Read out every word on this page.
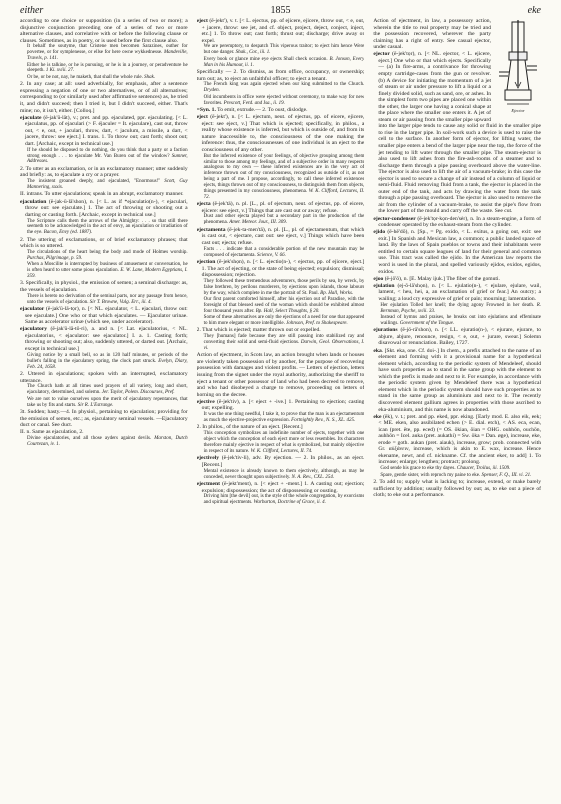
either	1855	eke

according to one choice or supposition (in a series of two or more); a disjunctive conjunction preceding one of a series of two or more alternative clauses, and correlative with or before the following clause or clauses. Sometimes, as in poetry, or is used before the first clause also.

It behalf the soutyme, that Cristene men becomen Sarazines, outher for povertee, or for symplenesse, or ellse for here owne wykkednesse. Mandeville, Travels, p. 141.

Either he is talkine, or he is pursuing, or he is in a journey, or peradventure he sleepeth. 1 Ki. xviii. 27.

Or be, or be not, nay, he maketh, that shall the whole rule. Shak.

2. In any case; at all: used adverbially, for emphasis, after a sentence expressing a negation of one or two alternatives, or of all alternatives; corresponding to (or similarly used after affirmative sentences) as, he tried it, and didn't succeed; then I tried it, but I didn't succeed, either. That's mine; no, it isn't, either. [Colloq.]

ejaculate (ē-jak'ū-lāt), v.; pret. and pp. ejaculated, ppr. ejaculating. [< L. ejaculatus, pp. of ejaculari (> F. éjaculer = It. ejaculare), cast out, throw out, < e, out, + jaculari, throw, dart, < jaculum, a missile, a dart, < jacere, throw: see eject.] I. trans. 1. To throw out; cast forth; shoot out; dart. [Archaic, except in technical use.]

If he should be disposed to do nothing, do you think that a party or a faction strong enough . . . to ejaculate Mr. Van Buren out of the window? Sumner, Addresses.

2. To utter as an exclamation, or in an exclamatory manner; utter suddenly and briefly: as, to ejaculate a cry or a prayer.

The insistent groaned deeply, and ejaculated, "Enormous!" Scott, Guy Mannering, xxxix.

II. intrans. To utter ejaculations; speak in an abrupt, exclamatory manner.

ejaculation (ē-jak-ū-lā'shon), n. [< L. as if *ejaculatio(n-), < ejaculari, throw out: see ejaculate.] 1. The act of throwing or shooting out a darting or casting forth. [Archaic, except in technical use.]

The Scripture calls them the arrows of the Almighty: . . . so that still there seemeth to be acknowledged in the act of envy, an ejaculation or irradiation of the eye. Bacon, Envy (ed. 1887).

2. The uttering of exclamations, or of brief exclamatory phrases; that which is so uttered.

The circulations of the heart being the body and mode of Holmes worship. Purchas, Pilgrimage, p. 59.

When a Moscilite is interrupted by business of amusement or conversation, he is often heard to utter some pious ejaculation. E. W. Lane, Modern Egyptians, I. 359.

3. Specifically, in physiol., the emission of semen; a seminal discharge: as, the vessels of ejaculation.

There is hereto no derivation of the seminal parts, nor any passage from hence, unto the vessels of ejaculation. Sir T. Browne, Vulg. Err., iii. 4.

ejaculator (ē-jak'ū-lā-tọr), n. [< NL. ejaculator, < L. ejaculari, throw out: see ejaculate.] One who or that which ejaculates. — Ejaculator urinae. Same as accelerator urinæ (which see, under accelerator).

ejaculatory (ē-jak'ū-lā-tō-ri), a. and n. [< Lat. ejaculatorius, < NL. ejaculatorius, < ejaculator: see ejaculator.] I. a. 1. Casting forth; throwing or shooting out; also, suddenly uttered, or darted out. [Archaic, except in technical use.]

Giving notice by a small bell, so as in 120 half minutes, or periods of the bullet's falling in the ejaculatory spring, the clock part struck. Evelyn, Diary, Feb. 24, 1658.

2. Uttered in ejaculations; spoken with an interrupted, exclamatory utterance.

The Church hath at all times used prayers of all variety, long and short, ejaculatory, determined, and solemn. Jer. Taylor, Polem. Discourses, Pref.

We are not to value ourselves upon the merit of ejaculatory repentances, that take us by fits and starts. Sir R. L'Estrange.

3t. Sudden; hasty.—4. In physiol., pertaining to ejaculation; providing for the emission of semen, etc.; as, ejaculatory seminal vessels. —Ejaculatory duct or canal. See duct.

II. n. Same as ejaculation, 2.

Divine ejaculatories, and all those ayders against devils. Marston, Dutch Courtezan, iv. 1.

eject (ē-jekt'), v. t. [< L. ejectus, pp. of ejicere, ejicere, throw out, < e, out, + jacere, throw: see jet, and cf. object, project, deject, conject, inject, etc.] 1. To throw out; cast forth; thrust out; discharge; drive away or expel.

We are peremptory, to despatch This viperous traitor; to eject him hence Were but one danger. Shak., Cor., iii. 1.

Every book or glance mine eye ejects Shall check occasion. B. Jonson, Every Man in his Humour, ii. 1.

Specifically — 2. To dismiss, as from office, occupancy, or ownership; turn out; as, to eject an unfaithful officer; to eject a tenant.

The French king was again ejected when our king submitted to the Church. Dryden.

Old incumbents in office were ejected without ceremony, to make way for new favorites. Prescott, Ferd. and Isa., ii. 19.

=Syn. 1. To emit, extrude.— 2. To oust, dislodge.

eject (ē-jekt'), n. [< L. ejectum, neut. of ejectus, pp. of eicere, ejicere, eject: see eject, v.] That which is ejected; specifically, in philos., a reality whose existence is inferred, but which is outside of, and from its nature inaccessible to, the consciousness of the one making the inference: thus, the consciousnesses of one individual is an eject to the consciousness of any other.

But the inferred existence of your feelings, of objective grouping among them similar to those among my feelings, and of a subjective order in many respects analogous to my own — these inferred existences are in the very act of inference thrown out of my consciousness, recognized as outside of it, as not being a part of me. I propose, accordingly, to call these inferred existences ejects, things thrown out of my consciousness, to distinguish them from objects, things presented in my consciousness, phenomena. W. K. Clifford, Lectures, II. 72.

ejecta (ē-jek'tä), n. pl. [L., pl. of ejectum, neut. of ejectus, pp. of eicere, ejicere: see eject, v.] Things that are cast out or away; refuse.

Dust and other ejecta played but a secondary part in the production of the phenomena. Amer. Meteor. Jour., III. 309.

ejectamenta (ē-jek-ta-men'tä), n. pl. [L., pl. of ejectamentum, that which is cast out, < ejectare, cast out: see eject, v.] Things which have been cast out; ejecta; refuse.

Facts . . . indicate that a considerable portion of the new mountain may be composed of ejectamenta. Science, V. 66.

ejection (ē-jek'shọn), n. [< L. ejectio(n-), < ejectus, pp. of ejicere, eject.] 1. The act of ejecting, or the state of being ejected; expulsion; dismissal; dispossession; rejection.

They followed these tremendous adventurers, those perils by sea, by wreck, by false brethren, by perilous murderers, by ejections upon islands, those labours by the way, which complete in me the portrait of St. Paul. Bp. Hall, Works.

Our first parent comforted himself, after his ejection out of Paradise, with the foresight of that blessed seed of the woman which should be exhibited almost four thousand years after. Bp. Hall, Select Thoughts, § 20.

Some of these alternatives are only the ejections of a need for one that appeared to him more elegant or more intelligible. Johnson, Pref. to Shakespeare.

2. That which is ejected; matter thrown out or expelled.

They [humans] fade because they are still passing into stabilized ray and converting their solid and semi-fluid ejections. Darwin, Geol. Observations, I. vi.

Action of ejectment, in Scots law, an action brought when lands or houses are violently taken possession of by another, for the purpose of recovering possession with damages and violent profits. — Letters of ejection, letters issuing from the signet under the royal authority, authorizing the sheriff to eject a tenant or other possessor of land who had been decreed to remove, and who had disobeyed a charge to remove, proceeding on letters of horning on the decree.

ejective (ē-jek'tiv), a. [< eject + -ive.] 1. Pertaining to ejection; casting out; expelling.

It was the one thing needful, I take it, to prove that the man is an ejectamentum as much the ejective-projective expression. Fortnightly Rev., N. S., XL. 425.

2. In philos., of the nature of an eject. [Recent.]

This conception symbolizes an indefinite number of ejects, together with one object which the conception of each eject more or less resembles. Its characters therefore mainly ejective in respect of what is symbolized, but mainly objective in respect of its nature. W. K. Clifford, Lectures, II. 74.

ejectively (ē-jek'tiv-li), adv. By ejection. — 2. In philos., as an eject. [Recent.]

Mental existence is already known to them ejectively, although, as may be conceded, never thought upon subjectively. N. A. Rev., CXL. 254.

ejectment (ē-jekt'ment), n. [< eject + -ment.] 1. A casting out; ejection; expulsion; dispossession; the act of dispossessing or ousting.

Driving him [the devil] out, is the style of the whole congregation, by exorcisms and spiritual ejectments. Warburton, Doctrine of Grace, ii. 4.

Ejector

Action of ejectment, in law, a possessory action, wherein the title to real property may be tried and the possession recovered, wherever the party claiming has a right of entry. See casual ejector, under casual.

ejector (ē-jek'tọr), n. [< NL. ejector, < L. ejicere, eject.] One who or that which ejects. Specifically — (a) In fire-arms, a contrivance for throwing empty cartridge-cases from the gun or revolver. (b) A device for initiating the momentum of a jet of steam or air under pressure to lift a liquid or a finely divided solid, such as sand, ore, or ashes. In the simplest form two pipes are placed one within the other, the larger one having a conical shape at the place where the smaller one enters it. A jet of steam or air passing from the smaller pipe upward into the larger pipe tends to cause any solid or fluid in the smaller pipe to rise in the larger pipe. In soil-work such a device is used to raise the cell to the surface. In another form of ejector, for lifting water, the smaller pipe enters a bend of the larger pipe near the top, the force of the jet tending to lift water through the smaller pipe. The steam-ejector is also used to lift ashes from the fire-ash-rooms of a steamer and to discharge them through a pipe passing overboard above the water-line. The ejector is also used to lift the air of a vacuum-brake; in this case the ejector is used to secure a change of air instead of a column of liquid or semi-fluid. Fluid removing fluid from a tank, the ejector is placed in the outer end of the tank, and acts by drawing the water from the tank through a pipe passing overboard. The ejector is also used to remove the air from the cylinder of a vacuum-brake, to assist the pipe's flow from the lower part of the mould and carry off the waste. See cut.

ejector-condenser (ē-jek'tọr-kọn-den'sėr), n. In a steam-engine, a form of condenser operated by the exhaust-steam from the cylinder.

ejido (ē-hē'dō), n. [Sp., = Pg. exido, < L. exitus, a going out, exit: see exit.] In Spanish and Mexican law, a common; a public landed space of land. By the laws of Spain pueblos or towns and their inhabitants were entitled to certain square leagues of land for their general and common use. This tract was called the ejido. In the American law reports the word is used in the plural, and spelled variously ejidos, exidos, egidos, exidos.

ejoo (ē-jō'ō), n. [E. Malay ijuk.] The fiber of the gomuti.

ejulation (ej-ō-lā'shọn), n. [< L. ejulatio(n-), < ejulare, ejulare, wail, lament, < heu, hei, a, an exclamation of grief or fear.] An outcry; a wailing; a loud cry expressive of grief or pain; mourning; lamentation.

Her ejulation Tolled her knell; the dying agony Frowned in her death. R. Bernman, Psyche, xviii. 33.

Instead of hymns and praises, he breaks out into ejulations and effeminate wailings. Government of the Tongue.

ejurations (ē-jö-rā'shon), n. [< LL. ejuratio(n-), < ejurare, ejurare, to abjure, abjure, renounce, resign, < e, out, + jurare, swear.] Solemn disavowal or renunciation. Bailey, 1727.

eka. [Skt. eka, one. Cf. doi-.] In chem., a prefix attached to the name of an element and forming with it a provisional name for a hypothetical element which, according to the periodic system of Mendeleef, should have such properties as to stand in the same group with the element to which the prefix is made and next to it. For example, in accordance with the periodic system given by Mendeleef there was a hypothetical element which in the periodic system should have such properties as to stand in the same group as aluminium and next to it. The recently discovered element gallium agrees in properties with those ascribed to eka-aluminium, and this name is now abandoned.

eke (ēk), v. t.; pret. and pp. eked, ppr. eking. [Early mod. E. also eik, eek; < ME. eken, also assibilated echen (> E. dial. etch), < AS. eca, ecan, ican (pret. ēte, pp. eced) (= OS. ōkian, ōian = OHG. ouhhōn, ouchōn, auhhōn = Icel. auka (pret. aukathi) = Sw. öka = Dan. øge), increase, eke, erode = goth. aukan (pret. aiauk), increase, grow; prob. connected with Gr. αὐξάνειν, increase, which is akin to E. wax, increase. Hence ekename, newt, and cf. nickname. Cf. the ancient eker, to add] 1. To increase; enlarge; lengthen; protract; prolong.

God sende his grace to eke thy dayes. Chaucer, Troilus, iii. 1509.

Spare, gentle sister, with reproch my paine to eke. Spenser, F. Q., III. vi. 21.

2. To add to; supply what is lacking to; increase, extend, or make barely sufficient by addition; usually followed by out; as, to eke out a piece of cloth; to eke out a performance.
